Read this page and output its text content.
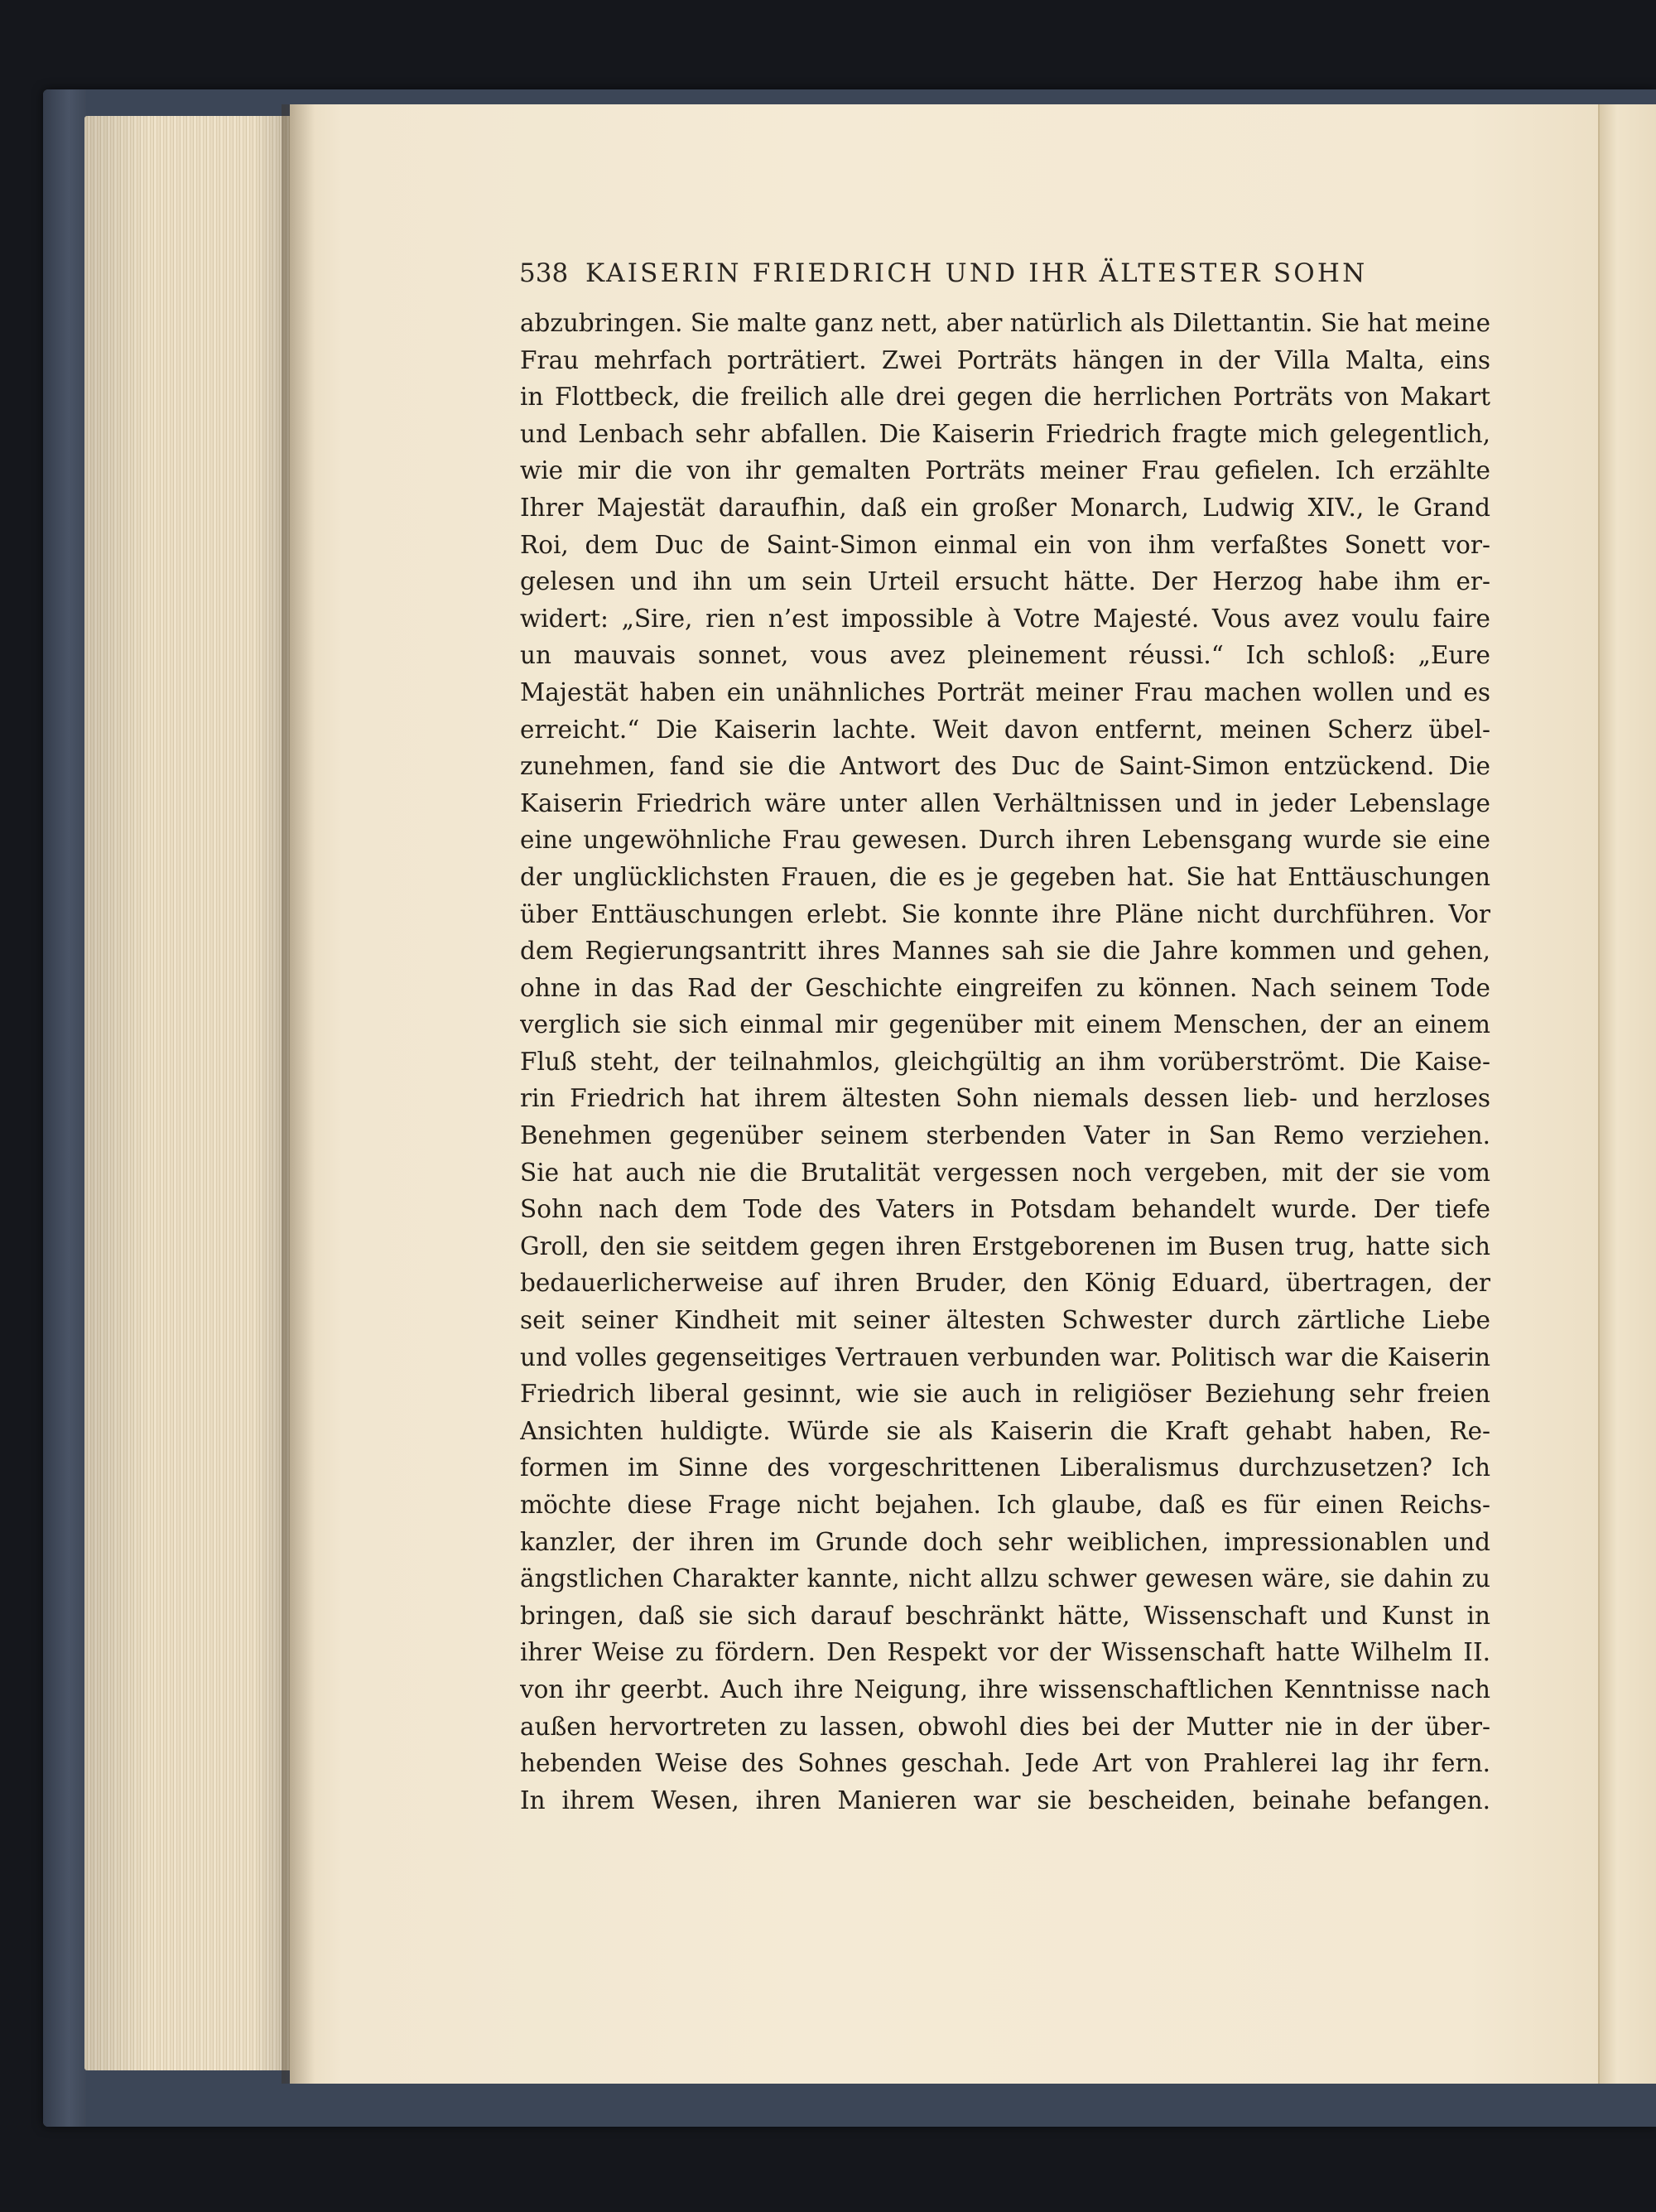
538 KAISERIN FRIEDRICH UND IHR ÄLTESTER SOHN
abzubringen. Sie malte ganz nett, aber natürlich als Dilettantin. Sie hat meine
Frau mehrfach porträtiert. Zwei Porträts hängen in der Villa Malta, eins
in Flottbeck, die freilich alle drei gegen die herrlichen Porträts von Makart
und Lenbach sehr abfallen. Die Kaiserin Friedrich fragte mich gelegentlich,
wie mir die von ihr gemalten Porträts meiner Frau gefielen. Ich erzählte
Ihrer Majestät daraufhin, daß ein großer Monarch, Ludwig XIV., le Grand
Roi, dem Duc de Saint-Simon einmal ein von ihm verfaßtes Sonett vor-
gelesen und ihn um sein Urteil ersucht hätte. Der Herzog habe ihm er-
widert: „Sire, rien n’est impossible à Votre Majesté. Vous avez voulu faire
un mauvais sonnet, vous avez pleinement réussi.“ Ich schloß: „Eure
Majestät haben ein unähnliches Porträt meiner Frau machen wollen und es
erreicht.“ Die Kaiserin lachte. Weit davon entfernt, meinen Scherz übel-
zunehmen, fand sie die Antwort des Duc de Saint-Simon entzückend. Die
Kaiserin Friedrich wäre unter allen Verhältnissen und in jeder Lebenslage
eine ungewöhnliche Frau gewesen. Durch ihren Lebensgang wurde sie eine
der unglücklichsten Frauen, die es je gegeben hat. Sie hat Enttäuschungen
über Enttäuschungen erlebt. Sie konnte ihre Pläne nicht durchführen. Vor
dem Regierungsantritt ihres Mannes sah sie die Jahre kommen und gehen,
ohne in das Rad der Geschichte eingreifen zu können. Nach seinem Tode
verglich sie sich einmal mir gegenüber mit einem Menschen, der an einem
Fluß steht, der teilnahmlos, gleichgültig an ihm vorüberströmt. Die Kaise-
rin Friedrich hat ihrem ältesten Sohn niemals dessen lieb- und herzloses
Benehmen gegenüber seinem sterbenden Vater in San Remo verziehen.
Sie hat auch nie die Brutalität vergessen noch vergeben, mit der sie vom
Sohn nach dem Tode des Vaters in Potsdam behandelt wurde. Der tiefe
Groll, den sie seitdem gegen ihren Erstgeborenen im Busen trug, hatte sich
bedauerlicherweise auf ihren Bruder, den König Eduard, übertragen, der
seit seiner Kindheit mit seiner ältesten Schwester durch zärtliche Liebe
und volles gegenseitiges Vertrauen verbunden war. Politisch war die Kaiserin
Friedrich liberal gesinnt, wie sie auch in religiöser Beziehung sehr freien
Ansichten huldigte. Würde sie als Kaiserin die Kraft gehabt haben, Re-
formen im Sinne des vorgeschrittenen Liberalismus durchzusetzen? Ich
möchte diese Frage nicht bejahen. Ich glaube, daß es für einen Reichs-
kanzler, der ihren im Grunde doch sehr weiblichen, impressionablen und
ängstlichen Charakter kannte, nicht allzu schwer gewesen wäre, sie dahin zu
bringen, daß sie sich darauf beschränkt hätte, Wissenschaft und Kunst in
ihrer Weise zu fördern. Den Respekt vor der Wissenschaft hatte Wilhelm II.
von ihr geerbt. Auch ihre Neigung, ihre wissenschaftlichen Kenntnisse nach
außen hervortreten zu lassen, obwohl dies bei der Mutter nie in der über-
hebenden Weise des Sohnes geschah. Jede Art von Prahlerei lag ihr fern.
In ihrem Wesen, ihren Manieren war sie bescheiden, beinahe befangen.
